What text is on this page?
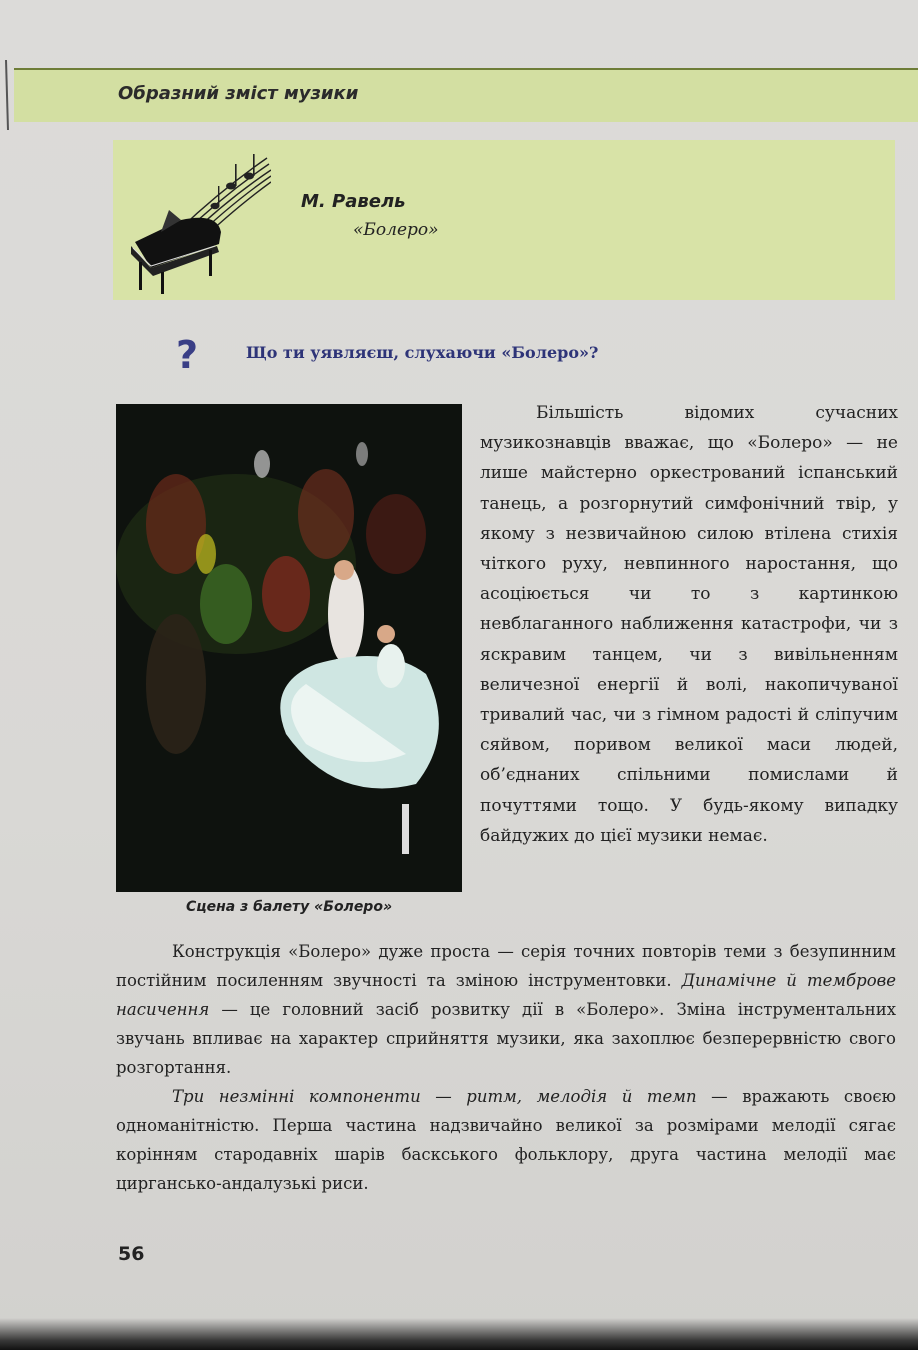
Образний зміст музики
М. Равель
«Болеро»
?	Що ти уявляєш, слухаючи «Болеро»?
Сцена з балету «Болеро»

Більшість відомих сучасних музикознавців вважає, що «Болеро» — не лише майстерно оркестрований іспанський танець, а розгорнутий симфонічний твір, у якому з незвичайною силою втілена стихія чіткого руху, невпинного наростання, що асоціюється чи то з картинкою невблаганного наближення катастрофи, чи з яскравим танцем, чи з вивільненням величезної енергії й волі, накопичуваної тривалий час, чи з гімном радості й сліпучим сяйвом, поривом великої маси людей, об’єднаних спільними помислами й почуттями тощо. У будь-якому випадку байдужих до цієї музики немає.

Конструкція «Болеро» дуже проста — серія точних повторів теми з безупинним постійним посиленням звучності та зміною інструментовки. Динамічне й темброве насичення — це головний засіб розвитку дії в «Болеро». Зміна інструментальних звучань впливає на характер сприйняття музики, яка захоплює безперервністю свого розгортання.

Три незмінні компоненти — ритм, мелодія й темп — вражають своєю одноманітністю. Перша частина надзвичайно великої за розмірами мелодії сягає корінням стародавніх шарів баскського фольклору, друга частина мелодії має циргансько-андалузькі риси.

56
